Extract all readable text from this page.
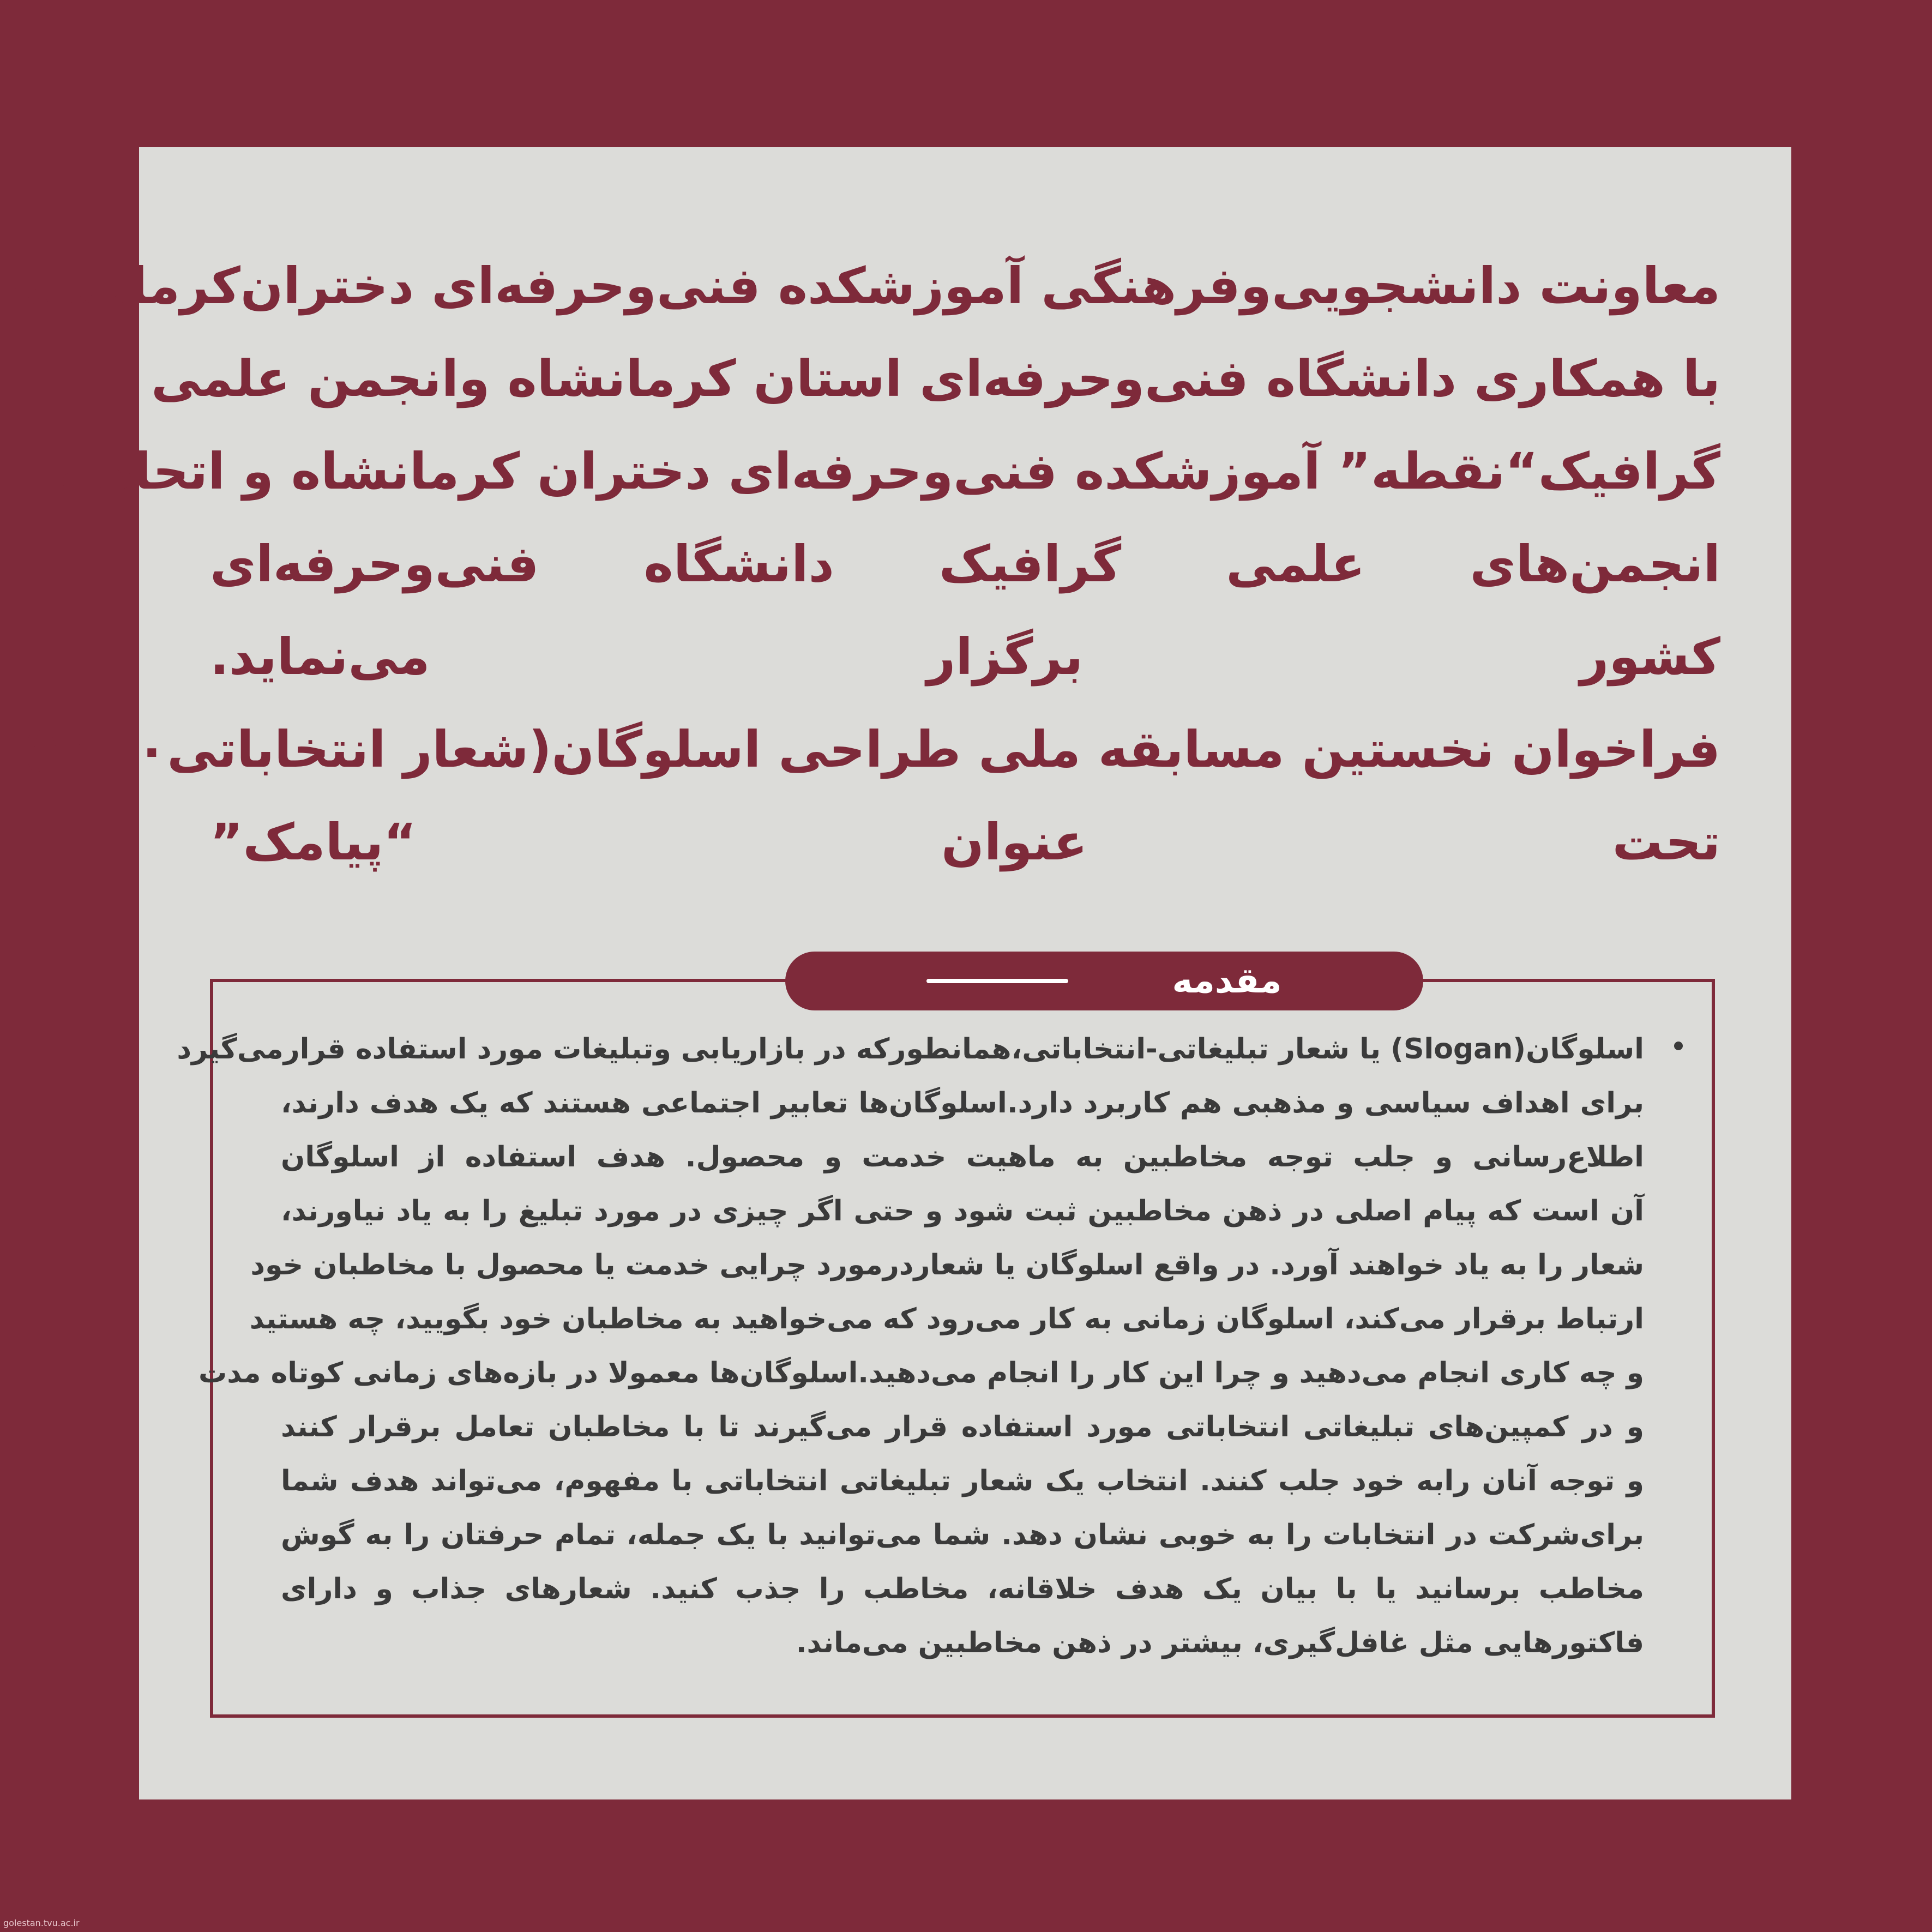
معاونت دانشجویی‌وفرهنگی آموزشکده فنی‌وحرفه‌ای دختران‌کرمانشاه
با همکاری دانشگاه فنی‌وحرفه‌ای استان کرمانشاه وانجمن علمی
گرافیک“نقطه” آموزشکده فنی‌وحرفه‌ای دختران کرمانشاه و اتحادیه
انجمن‌های علمی گرافیک دانشگاه فنی‌وحرفه‌ای
کشور برگزار می‌نماید.
فراخوان نخستین مسابقه ملی طراحی اسلوگان(شعار انتخاباتی۱۴۰۰)
تحت عنوان “پیامک”
مقدمه
اسلوگان(Slogan) یا شعار تبلیغاتی-انتخاباتی،همانطورکه در بازاریابی وتبلیغات مورد استفاده قرارمی‌گیرد
برای اهداف سیاسی و مذهبی هم کاربرد دارد.اسلوگان‌ها تعابیر اجتماعی هستند که یک هدف دارند،
اطلاع‌رسانی و جلب توجه مخاطبین به ماهیت خدمت و محصول. هدف استفاده از اسلوگان
آن است که پیام اصلی در ذهن مخاطبین ثبت شود و حتی اگر چیزی در مورد تبلیغ را به یاد نیاورند،
شعار را به یاد خواهند آورد. در واقع اسلوگان یا شعاردرمورد چرایی خدمت یا محصول با مخاطبان خود
ارتباط برقرار می‌کند، اسلوگان زمانی به کار می‌رود که می‌خواهید به مخاطبان خود بگویید، چه هستید
و چه کاری انجام می‌دهید و چرا این کار را انجام می‌دهید.اسلوگان‌ها معمولا در بازه‌های زمانی کوتاه مدت
و در کمپین‌های تبلیغاتی انتخاباتی مورد استفاده قرار می‌گیرند تا با مخاطبان تعامل برقرار کنند
و توجه آنان رابه خود جلب کنند. انتخاب یک شعار تبلیغاتی انتخاباتی با مفهوم، می‌تواند هدف شما
برای‌شرکت در انتخابات را به خوبی نشان دهد. شما می‌توانید با یک جمله، تمام حرفتان را به گوش
مخاطب برسانید یا با بیان یک هدف خلاقانه، مخاطب را جذب کنید. شعارهای جذاب و دارای
فاکتورهایی مثل غافل‌گیری، بیشتر در ذهن مخاطبین می‌ماند.
golestan.tvu.ac.ir
